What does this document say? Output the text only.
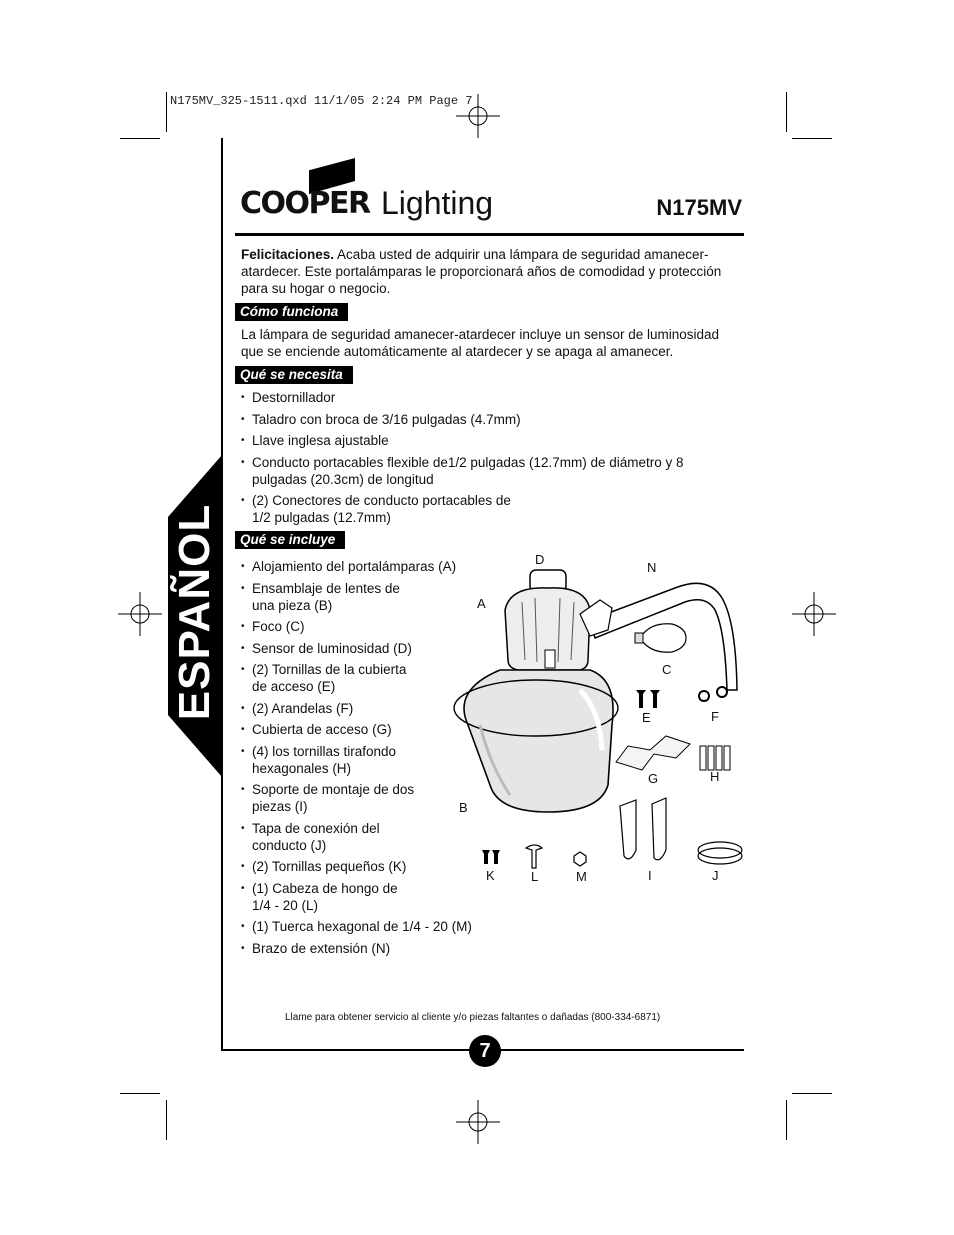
N175MV_325-1511.qxd 11/1/05 2:24 PM Page 7
ESPAÑOL
COOPER Lighting	N175MV

Felicitaciones. Acaba usted de adquirir una lámpara de seguridad amanecer-atardecer. Este portalámparas le proporcionará años de comodidad y protección para su hogar o negocio.

Cómo funciona

La lámpara de seguridad amanecer-atardecer incluye un sensor de luminosidad que se enciende automáticamente al atardecer y se apaga al amanecer.

Qué se necesita
• Destornillador
• Taladro con broca de 3/16 pulgadas (4.7mm)
• Llave inglesa ajustable
• Conducto portacables flexible de1/2 pulgadas (12.7mm) de diámetro y 8 pulgadas (20.3cm) de longitud
• (2) Conectores de conducto portacables de 1/2 pulgadas (12.7mm)
Qué se incluye
• Alojamiento del portalámparas (A)
• Ensamblaje de lentes de una pieza (B)
• Foco (C)
• Sensor de luminosidad (D)
• (2) Tornillas de la cubierta de acceso (E)
• (2) Arandelas (F)
• Cubierta de acceso (G)
• (4) los tornillas tirafondo hexagonales (H)
• Soporte de montaje de dos piezas (I)
• Tapa de conexión del conducto (J)
• (2) Tornillas pequeños (K)
• (1) Cabeza de hongo de 1/4 - 20 (L)
• (1) Tuerca hexagonal de 1/4 - 20 (M)
• Brazo de extensión (N)
D
N
A
C
E	F
G	H
B
K	L	M	I	J
Llame para obtener servicio al cliente y/o piezas faltantes o dañadas (800-334-6871)
7
